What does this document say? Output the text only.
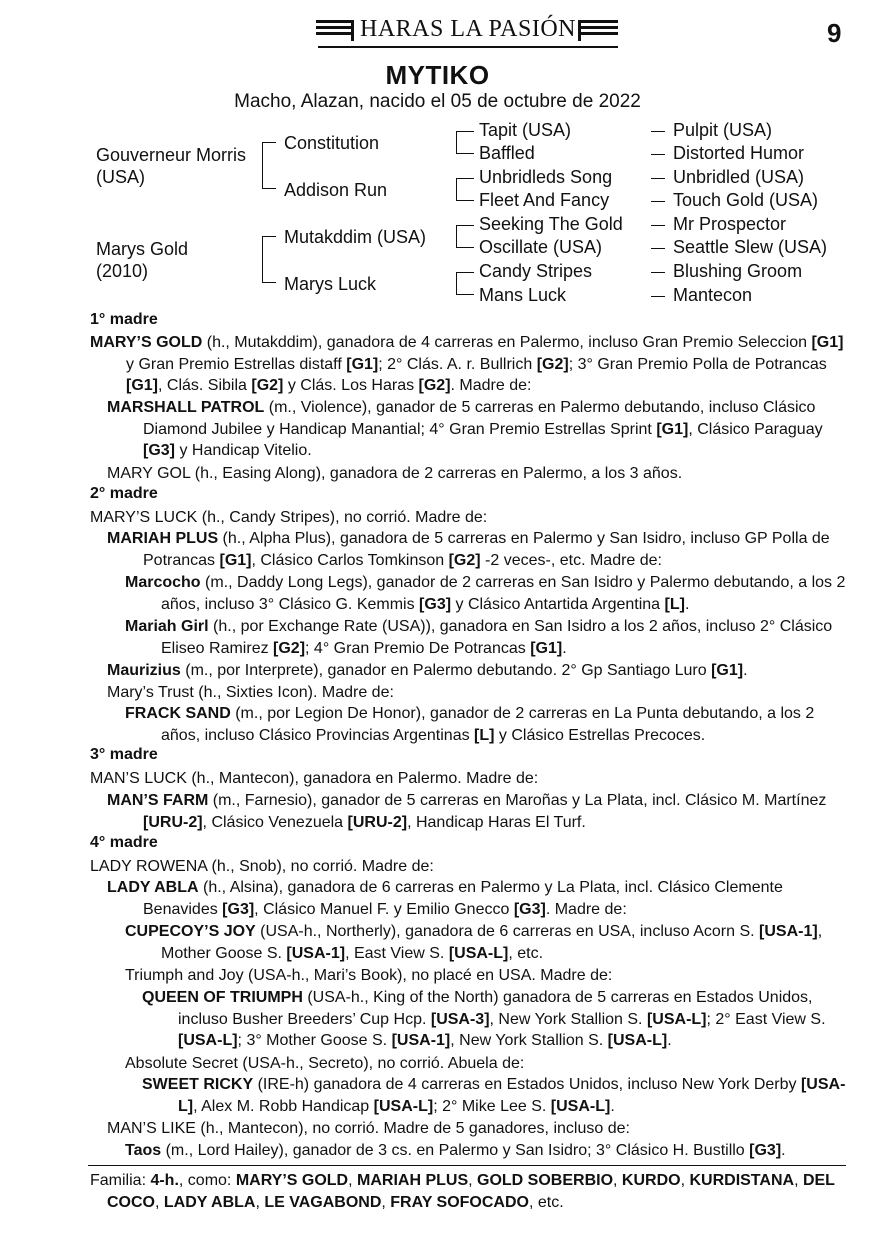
HARAS LA PASIÓN	9
MYTIKO
Macho, Alazan, nacido el 05 de octubre de 2022
Gouverneur Morris
(USA)
Marys Gold
(2010)
Constitution
Addison Run
Mutakddim (USA)
Marys Luck
Tapit (USA)
Baffled
Unbridleds Song
Fleet And Fancy
Seeking The Gold
Oscillate (USA)
Candy Stripes
Mans Luck
Pulpit (USA)
Distorted Humor
Unbridled (USA)
Touch Gold (USA)
Mr Prospector
Seattle Slew (USA)
Blushing Groom
Mantecon
1° madre
2° madre
3° madre
4° madre
MARY’S GOLD (h., Mutakddim), ganadora de 4 carreras en Palermo, incluso Gran Premio Seleccion [G1] y Gran Premio Estrellas distaff [G1]; 2° Clás. A. r. Bullrich [G2]; 3° Gran Premio Polla de Potrancas [G1], Clás. Sibila [G2] y Clás. Los Haras [G2]. Madre de:
MARSHALL PATROL (m., Violence), ganador de 5 carreras en Palermo debutando, incluso Clásico Diamond Jubilee y Handicap Manantial; 4° Gran Premio Estrellas Sprint [G1], Clásico Paraguay [G3] y Handicap Vitelio.
MARY GOL (h., Easing Along), ganadora de 2 carreras en Palermo, a los 3 años.
MARY’S LUCK (h., Candy Stripes), no corrió. Madre de:
MARIAH PLUS (h., Alpha Plus), ganadora de 5 carreras en Palermo y San Isidro, incluso GP Polla de Potrancas [G1], Clásico Carlos Tomkinson [G2] -2 veces-, etc. Madre de:
Marcocho (m., Daddy Long Legs), ganador de 2 carreras en San Isidro y Palermo debutando, a los 2 años, incluso 3° Clásico G. Kemmis [G3] y Clásico Antartida Argentina [L].
Mariah Girl (h., por Exchange Rate (USA)), ganadora en San Isidro a los 2 años, incluso 2° Clásico Eliseo Ramirez [G2]; 4° Gran Premio De Potrancas [G1].
Maurizius (m., por Interprete), ganador en Palermo debutando. 2° Gp Santiago Luro [G1].
Mary’s Trust (h., Sixties Icon). Madre de:
FRACK SAND (m., por Legion De Honor), ganador de 2 carreras en La Punta debutando, a los 2 años, incluso Clásico Provincias Argentinas [L] y Clásico Estrellas Precoces.
MAN’S LUCK (h., Mantecon), ganadora en Palermo. Madre de:
MAN’S FARM (m., Farnesio), ganador de 5 carreras en Maroñas y La Plata, incl. Clásico M. Martínez [URU-2], Clásico Venezuela [URU-2], Handicap Haras El Turf.
LADY ROWENA (h., Snob), no corrió. Madre de:
LADY ABLA (h., Alsina), ganadora de 6 carreras en Palermo y La Plata, incl. Clásico Clemente Benavides [G3], Clásico Manuel F. y Emilio Gnecco [G3]. Madre de:
CUPECOY’S JOY (USA-h., Northerly), ganadora de 6 carreras en USA, incluso Acorn S. [USA-1], Mother Goose S. [USA-1], East View S. [USA-L], etc.
Triumph and Joy (USA-h., Mari’s Book), no placé en USA. Madre de:
QUEEN OF TRIUMPH (USA-h., King of the North) ganadora de 5 carreras en Estados Unidos, incluso Busher Breeders’ Cup Hcp. [USA-3], New York Stallion S. [USA-L]; 2° East View S. [USA-L]; 3° Mother Goose S. [USA-1], New York Stallion S. [USA-L].
Absolute Secret (USA-h., Secreto), no corrió. Abuela de:
SWEET RICKY (IRE-h) ganadora de 4 carreras en Estados Unidos, incluso New York Derby [USA-L], Alex M. Robb Handicap [USA-L]; 2° Mike Lee S. [USA-L].
MAN’S LIKE (h., Mantecon), no corrió. Madre de 5 ganadores, incluso de:
Taos (m., Lord Hailey), ganador de 3 cs. en Palermo y San Isidro; 3° Clásico H. Bustillo [G3].
Familia: 4-h., como: MARY’S GOLD, MARIAH PLUS, GOLD SOBERBIO, KURDO, KURDISTANA, DEL COCO, LADY ABLA, LE VAGABOND, FRAY SOFOCADO, etc.
